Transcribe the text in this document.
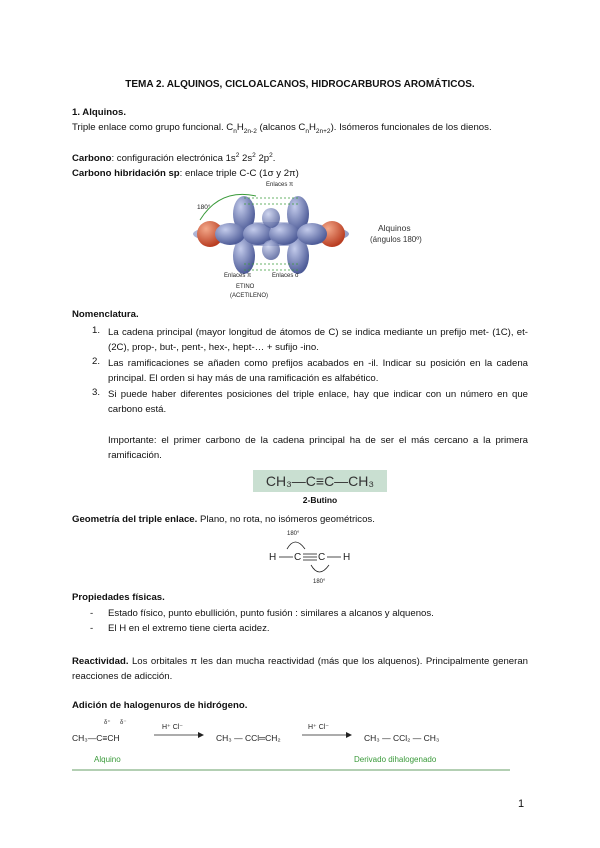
TEMA 2. ALQUINOS, CICLOALCANOS, HIDROCARBUROS AROMÁTICOS.
1. Alquinos.
Triple enlace como grupo funcional. $C_nH_{2n-2}$ (alcanos $C_nH_{2n+2}$). Isómeros funcionales de los dienos.
Carbono: configuración electrónica $1s^2$ $2s^2$ $2p^2$.
Carbono hibridación sp: enlace triple C-C (1σ y 2π)
180°
Enlaces π
Enlaces π	Enlaces σ
ETINO
(ACETILENO)
Alquinos
(ángulos 180º)
Nomenclatura.
1. La cadena principal (mayor longitud de átomos de C) se indica mediante un prefijo met- (1C), et- (2C), prop-, but-, pent-, hex-, hept-… + sufijo -ino.
2. Las ramificaciones se añaden como prefijos acabados en -il. Indicar su posición en la cadena principal. El orden si hay más de una ramificación es alfabético.
3. Si puede haber diferentes posiciones del triple enlace, hay que indicar con un número en que carbono está.
Importante: el primer carbono de la cadena principal ha de ser el más cercano a la primera ramificación.
CH₃—C≡C—CH₃
2-Butino
Geometría del triple enlace. Plano, no rota, no isómeros geométricos.
180°
H C C H
180°
Propiedades físicas.
- Estado físico, punto ebullición, punto fusión : similares a alcanos y alquenos.
- El H en el extremo tiene cierta acidez.
Reactividad. Los orbitales π les dan mucha reactividad (más que los alquenos). Principalmente generan reacciones de adicción.
Adición de halogenuros de hidrógeno.
δ⁺ δ⁻
CH₃—C≡CH
H⁺ Cl⁻
CH₃ — CCl═CH₂
H⁺ Cl⁻
CH₃ — CCl₂ — CH₃
Alquino	Derivado dihalogenado
1
